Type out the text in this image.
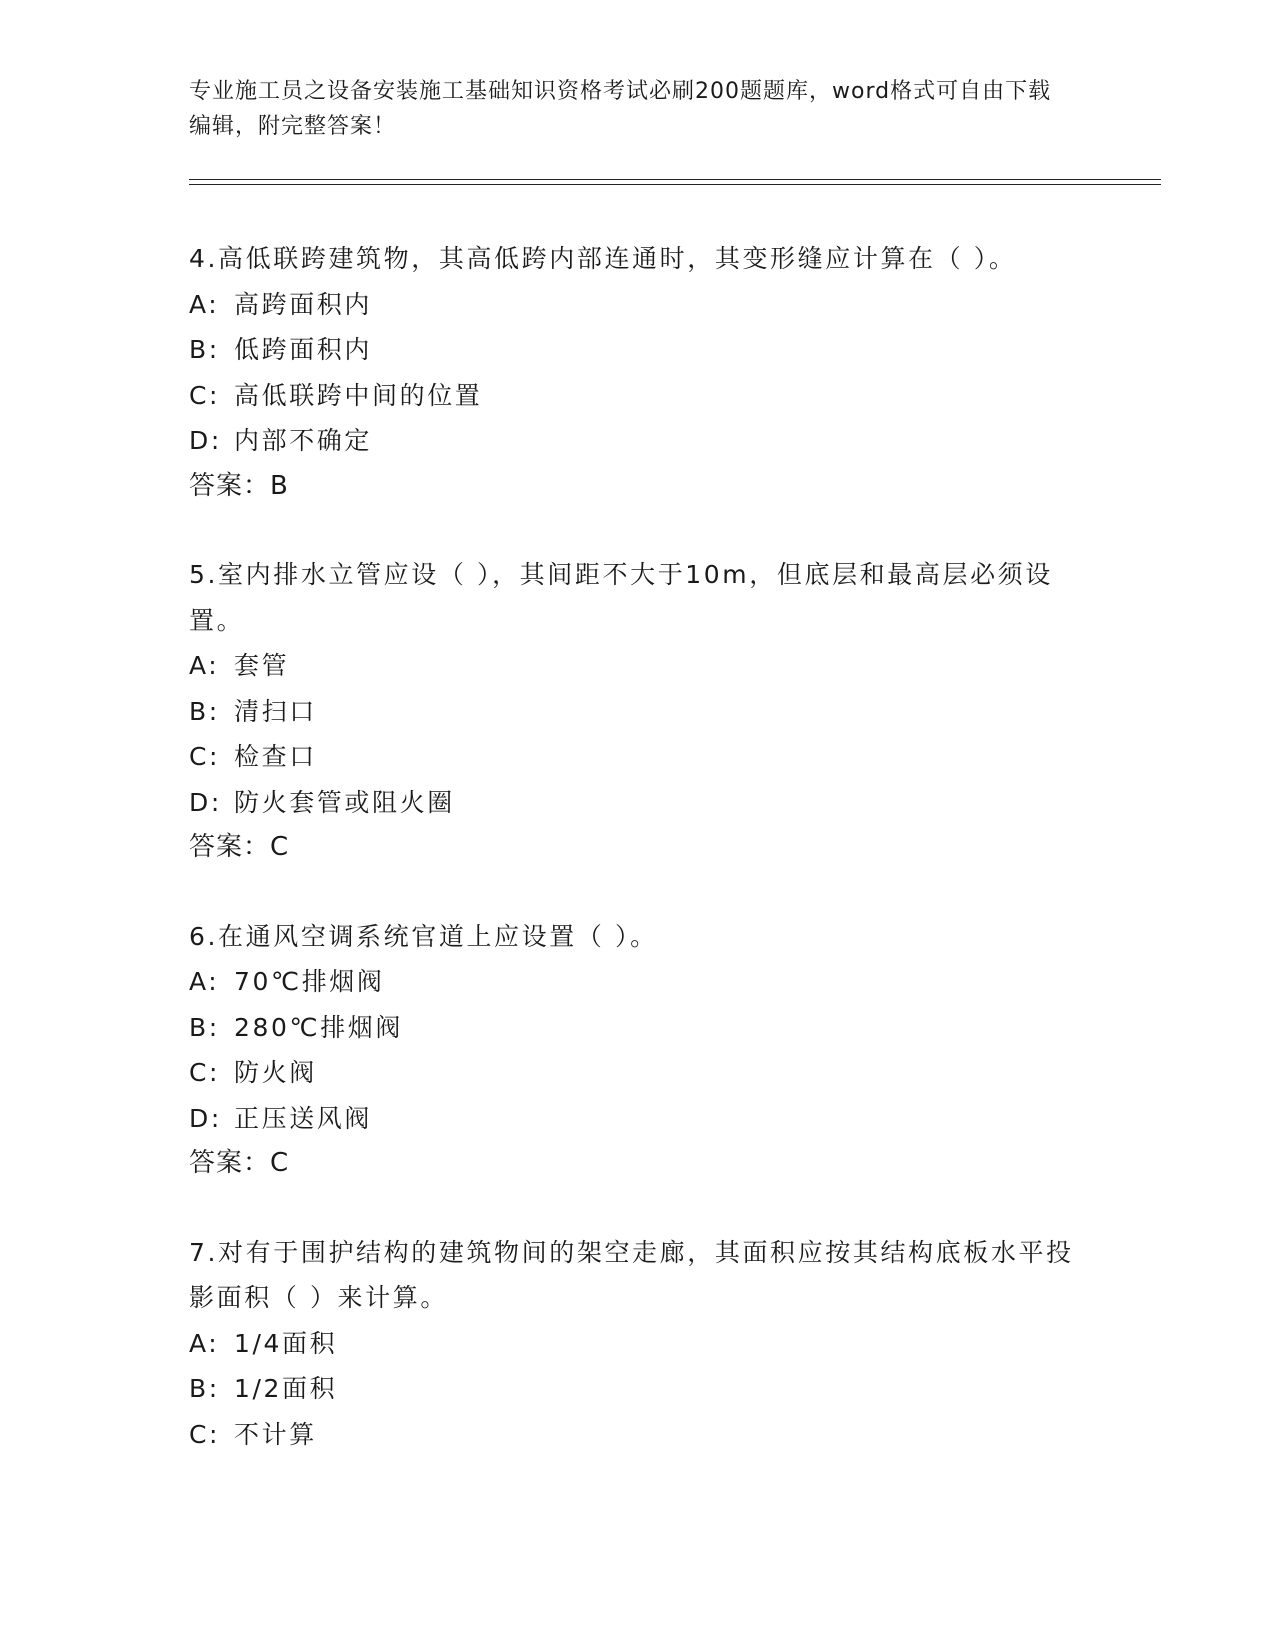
专业施工员之设备安装施工基础知识资格考试必刷200题题库，word格式可自由下载编辑，附完整答案！
4.高低联跨建筑物，其高低跨内部连通时，其变形缝应计算在（ ）。
A: 高跨面积内
B: 低跨面积内
C: 高低联跨中间的位置
D: 内部不确定
答案：B
5.室内排水立管应设（ ），其间距不大于10m，但底层和最高层必须设置。
A: 套管
B: 清扫口
C: 检查口
D: 防火套管或阻火圈
答案：C
6.在通风空调系统官道上应设置（ ）。
A: 70℃排烟阀
B: 280℃排烟阀
C: 防火阀
D: 正压送风阀
答案：C
7.对有于围护结构的建筑物间的架空走廊，其面积应按其结构底板水平投影面积（ ）来计算。
A: 1/4面积
B: 1/2面积
C: 不计算
